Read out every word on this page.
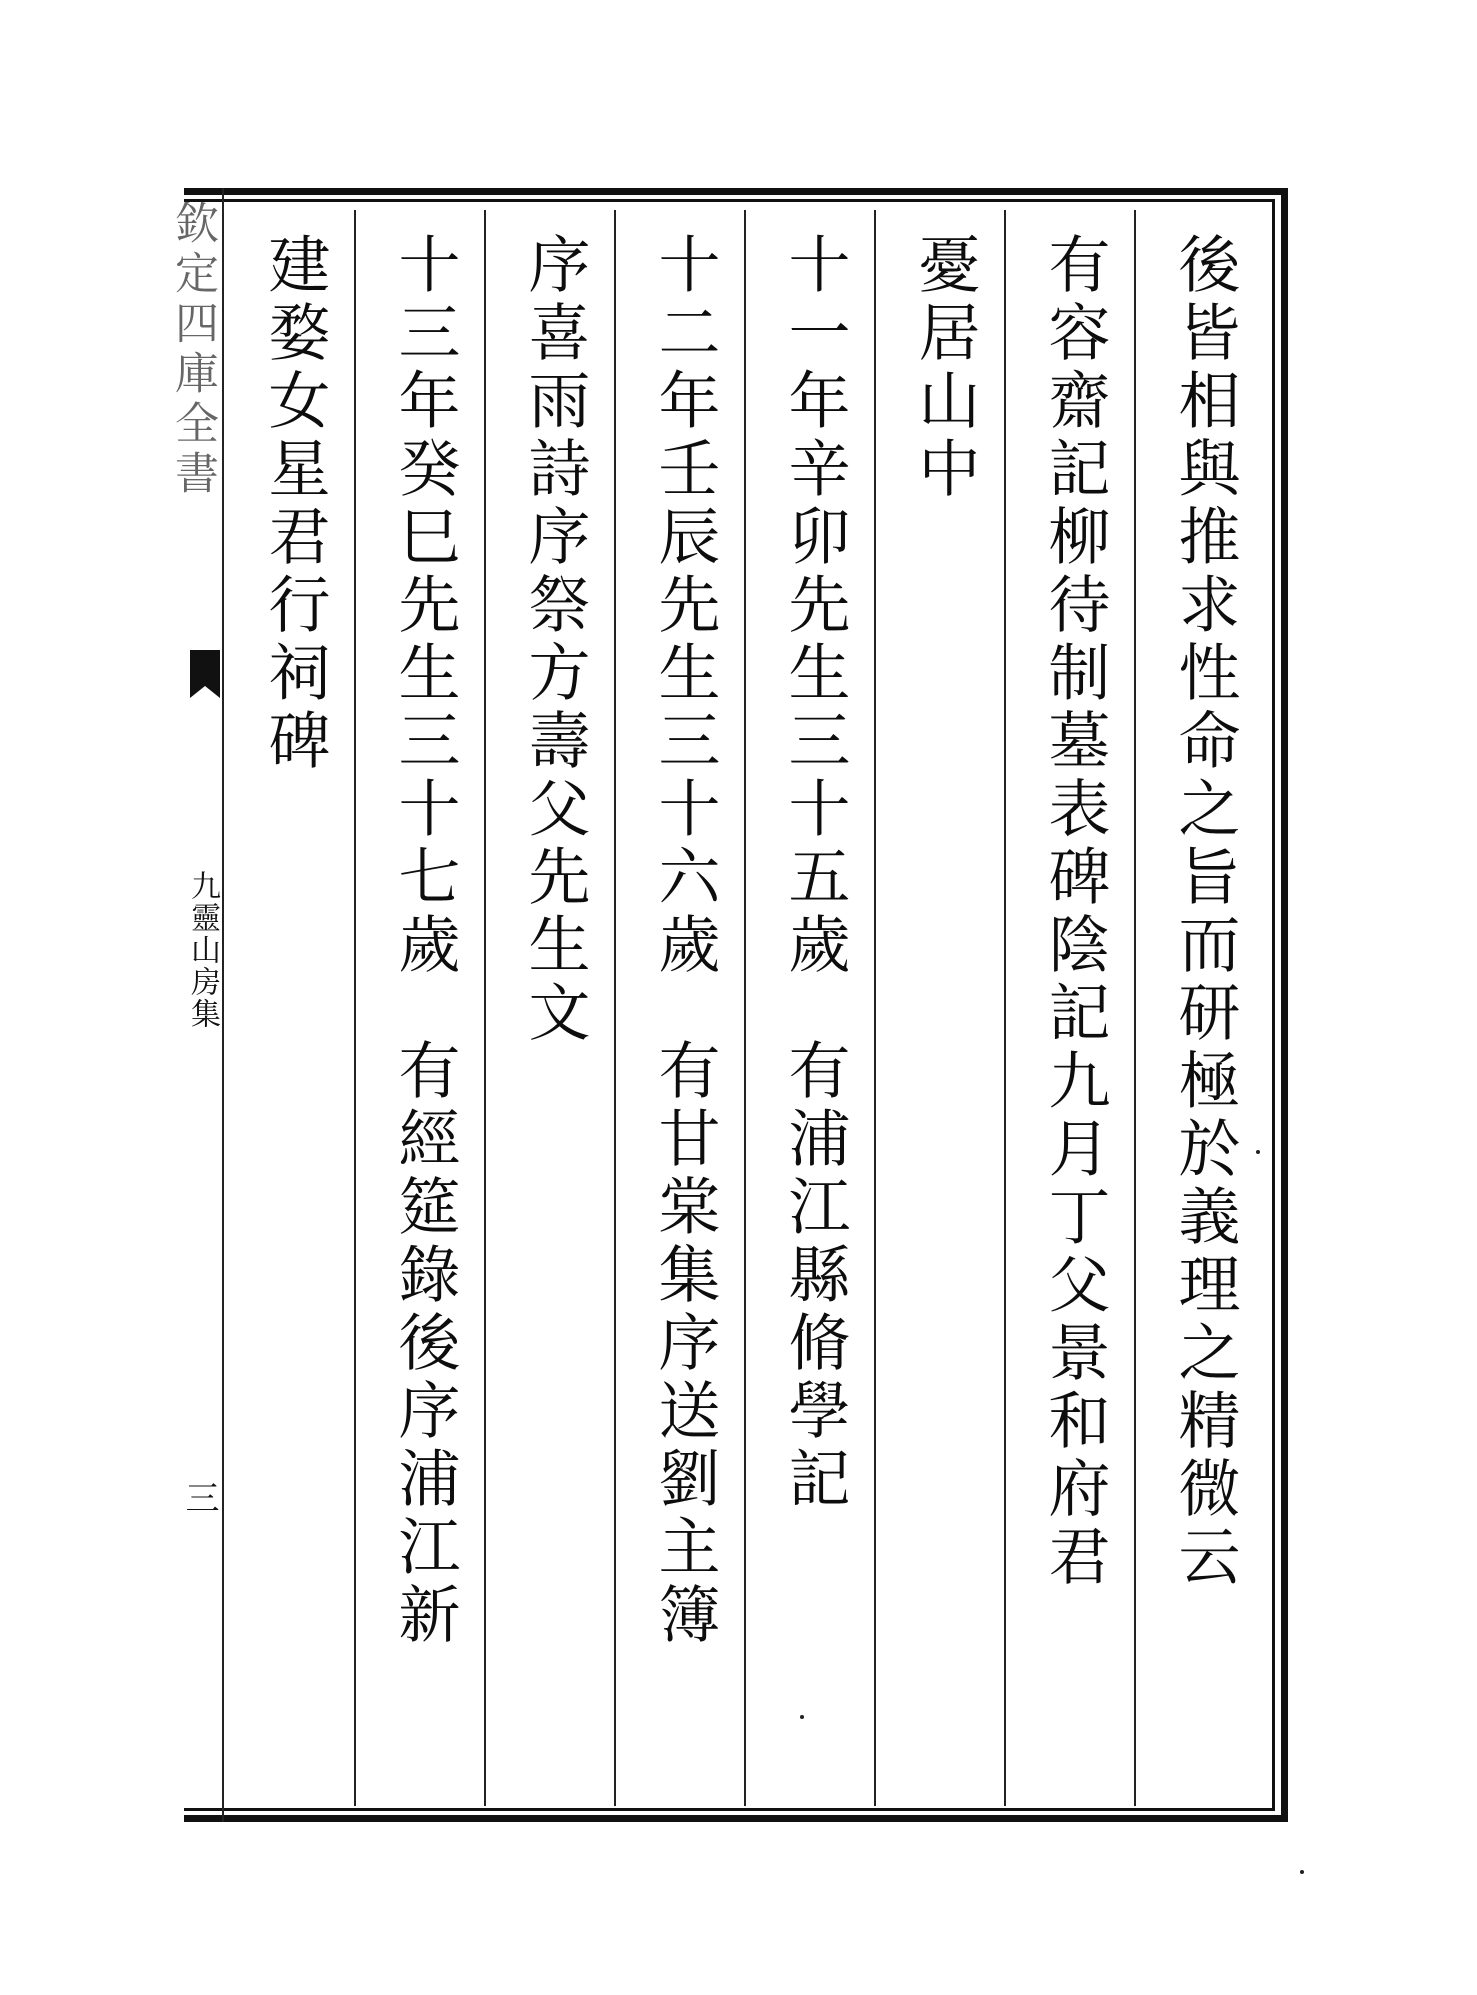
欽定四庫全書
九靈山房集
三	後皆相與推求性命之旨而研極於義理之精微云
有容齋記柳待制墓表碑陰記九月丁父景和府君
憂居山中
十一年辛卯先生三十五歲有浦江縣脩學記
十二年壬辰先生三十六歲有甘棠集序送劉主簿
序喜雨詩序祭方壽父先生文
十三年癸巳先生三十七歲有經筵錄後序浦江新
建婺女星君行祠碑
